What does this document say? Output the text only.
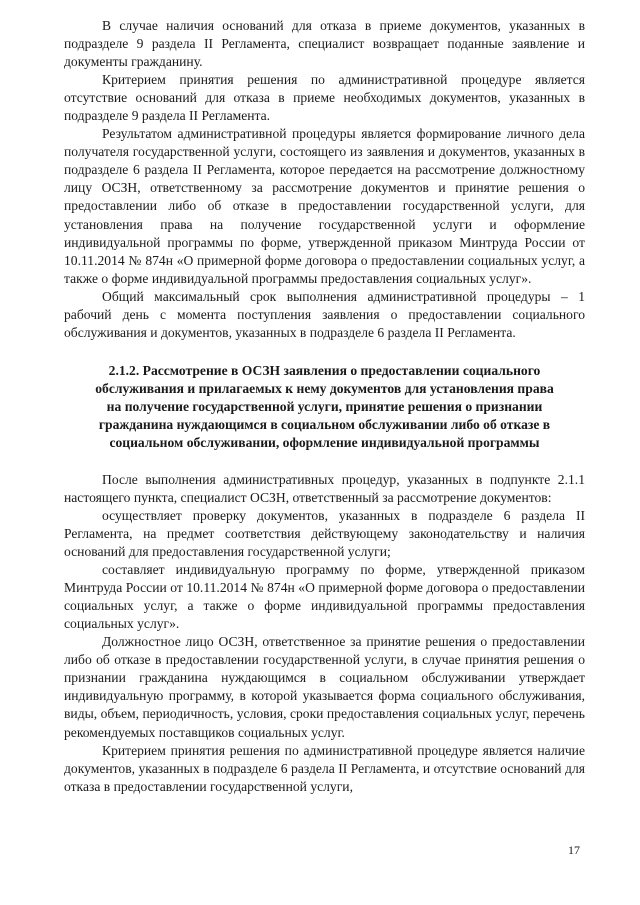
В случае наличия оснований для отказа в приеме документов, указанных в подразделе 9 раздела II Регламента, специалист возвращает поданные заявление и документы гражданину.

Критерием принятия решения по административной процедуре является отсутствие оснований для отказа в приеме необходимых документов, указанных в подразделе 9 раздела II Регламента.

Результатом административной процедуры является формирование личного дела получателя государственной услуги, состоящего из заявления и документов, указанных в подразделе 6 раздела II Регламента, которое передается на рассмотрение должностному лицу ОСЗН, ответственному за рассмотрение документов и принятие решения о предоставлении либо об отказе в предоставлении государственной услуги, для установления права на получение государственной услуги и оформление индивидуальной программы по форме, утвержденной приказом Минтруда России от 10.11.2014 № 874н «О примерной форме договора о предоставлении социальных услуг, а также о форме индивидуальной программы предоставления социальных услуг».

Общий максимальный срок выполнения административной процедуры – 1 рабочий день с момента поступления заявления о предоставлении социального обслуживания и документов, указанных в подразделе 6 раздела II Регламента.

2.1.2. Рассмотрение в ОСЗН заявления о предоставлении социального
обслуживания и прилагаемых к нему документов для установления права
на получение государственной услуги, принятие решения о признании
гражданина нуждающимся в социальном обслуживании либо об отказе в
социальном обслуживании, оформление индивидуальной программы

После выполнения административных процедур, указанных в подпункте 2.1.1 настоящего пункта, специалист ОСЗН, ответственный за рассмотрение документов:

осуществляет проверку документов, указанных в подразделе 6 раздела II Регламента, на предмет соответствия действующему законодательству и наличия оснований для предоставления государственной услуги;

составляет индивидуальную программу по форме, утвержденной приказом Минтруда России от 10.11.2014 № 874н «О примерной форме договора о предоставлении социальных услуг, а также о форме индивидуальной программы предоставления социальных услуг».

Должностное лицо ОСЗН, ответственное за принятие решения о предоставлении либо об отказе в предоставлении государственной услуги, в случае принятия решения о признании гражданина нуждающимся в социальном обслуживании утверждает индивидуальную программу, в которой указывается форма социального обслуживания, виды, объем, периодичность, условия, сроки предоставления социальных услуг, перечень рекомендуемых поставщиков социальных услуг.

Критерием принятия решения по административной процедуре является наличие документов, указанных в подразделе 6 раздела II Регламента, и отсутствие оснований для отказа в предоставлении государственной услуги,

17
